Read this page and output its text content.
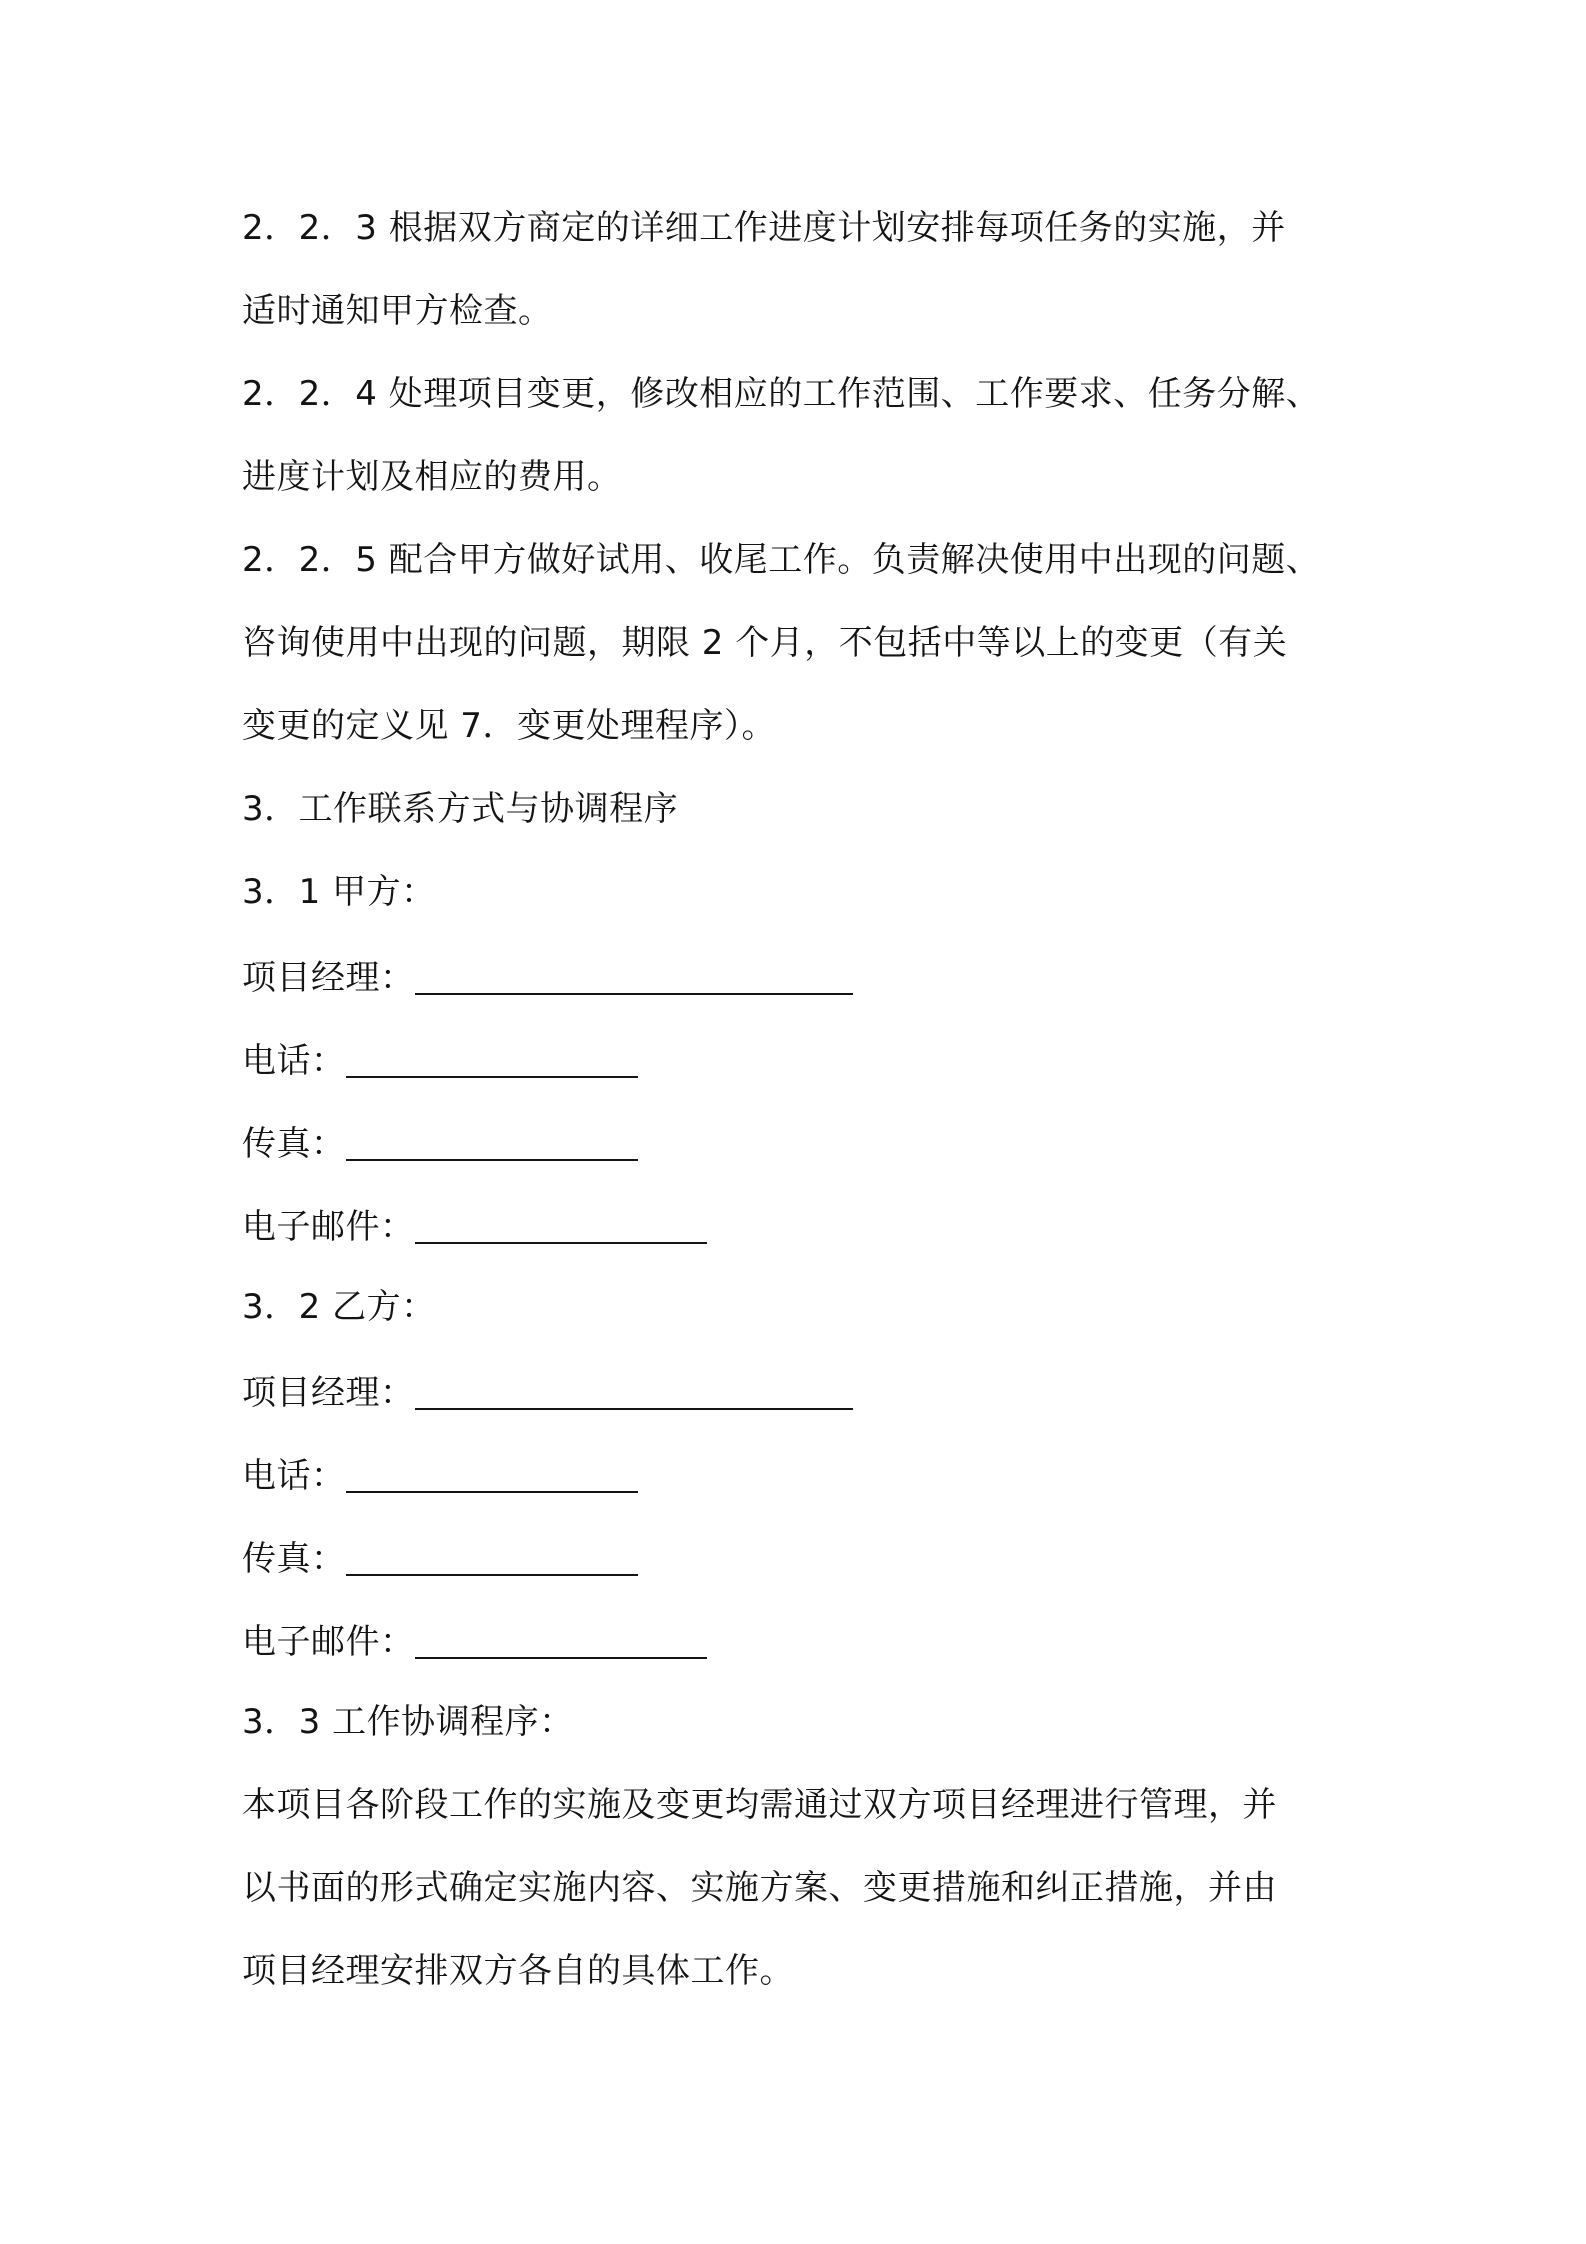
2．2．3 根据双方商定的详细工作进度计划安排每项任务的实施，并
适时通知甲方检查。
2．2．4 处理项目变更，修改相应的工作范围、工作要求、任务分解、
进度计划及相应的费用。
2．2．5 配合甲方做好试用、收尾工作。负责解决使用中出现的问题、
咨询使用中出现的问题，期限 2 个月，不包括中等以上的变更（有关
变更的定义见 7．变更处理程序）。
3．工作联系方式与协调程序
3．1 甲方：
项目经理：
电话：
传真：
电子邮件：
3．2 乙方：
项目经理：
电话：
传真：
电子邮件：
3．3 工作协调程序：
本项目各阶段工作的实施及变更均需通过双方项目经理进行管理，并
以书面的形式确定实施内容、实施方案、变更措施和纠正措施，并由
项目经理安排双方各自的具体工作。
